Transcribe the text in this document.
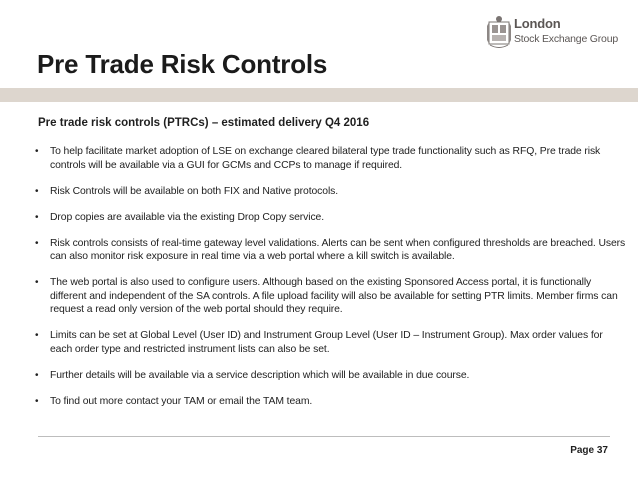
London
Stock Exchange Group
Pre Trade Risk Controls
Pre trade risk controls (PTRCs) – estimated delivery Q4 2016
• To help facilitate market adoption of LSE on exchange cleared bilateral type trade functionality such as RFQ, Pre trade risk controls will be available via a GUI for GCMs and CCPs to manage if required.
• Risk Controls will be available on both FIX and Native protocols.
• Drop copies are available via the existing Drop Copy service.
• Risk controls consists of real-time gateway level validations. Alerts can be sent when configured thresholds are breached. Users can also monitor risk exposure in real time via a web portal where a kill switch is available.
• The web portal is also used to configure users. Although based on the existing Sponsored Access portal, it is functionally different and independent of the SA controls. A file upload facility will also be available for setting PTR limits. Member firms can request a read only version of the web portal should they require.
• Limits can be set at Global Level (User ID) and Instrument Group Level (User ID – Instrument Group). Max order values for each order type and restricted instrument lists can also be set.
• Further details will be available via a service description which will be available in due course.
• To find out more contact your TAM or email the TAM team.
Page 37
